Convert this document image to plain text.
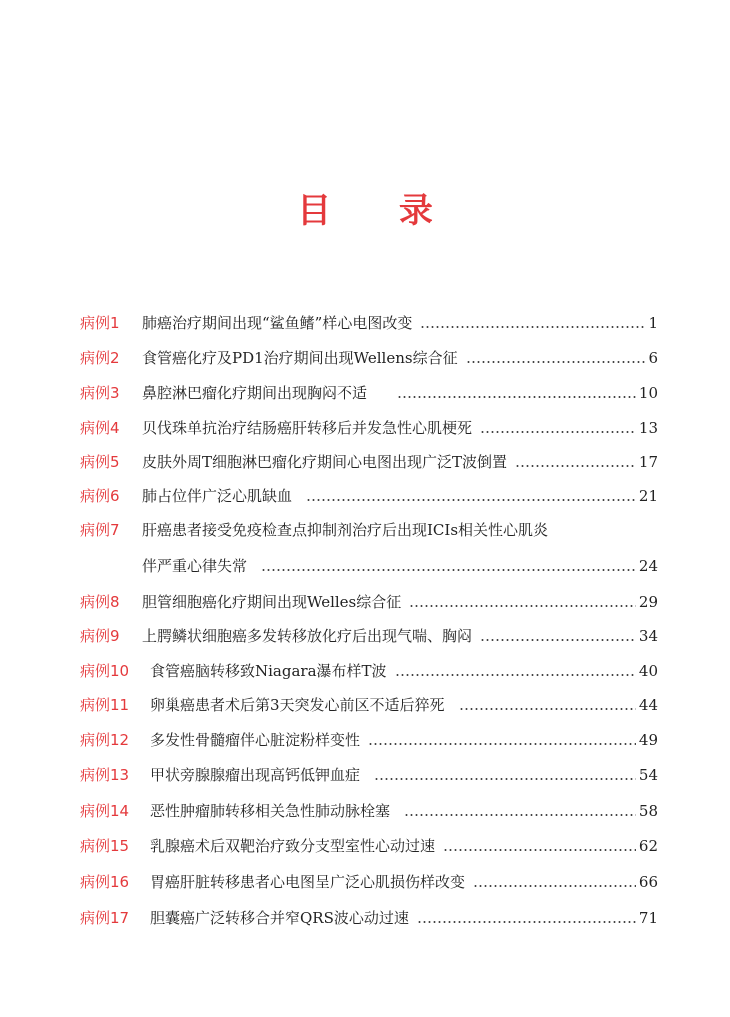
目 录
病例1	肺癌治疗期间出现“鲨鱼鳍”样心电图改变	1
病例2	食管癌化疗及PD1治疗期间出现Wellens综合征	6
病例3	鼻腔淋巴瘤化疗期间出现胸闷不适	10
病例4	贝伐珠单抗治疗结肠癌肝转移后并发急性心肌梗死	13
病例5	皮肤外周T细胞淋巴瘤化疗期间心电图出现广泛T波倒置	17
病例6	肺占位伴广泛心肌缺血	21
病例7	肝癌患者接受免疫检查点抑制剂治疗后出现ICIs相关性心肌炎
伴严重心律失常	24
病例8	胆管细胞癌化疗期间出现Welles综合征	29
病例9	上腭鳞状细胞癌多发转移放化疗后出现气喘、胸闷	34
病例10	食管癌脑转移致Niagara瀑布样T波	40
病例11	卵巢癌患者术后第3天突发心前区不适后猝死	44
病例12	多发性骨髓瘤伴心脏淀粉样变性	49
病例13	甲状旁腺腺瘤出现高钙低钾血症	54
病例14	恶性肿瘤肺转移相关急性肺动脉栓塞	58
病例15	乳腺癌术后双靶治疗致分支型室性心动过速	62
病例16	胃癌肝脏转移患者心电图呈广泛心肌损伤样改变	66
病例17	胆囊癌广泛转移合并窄QRS波心动过速	71
